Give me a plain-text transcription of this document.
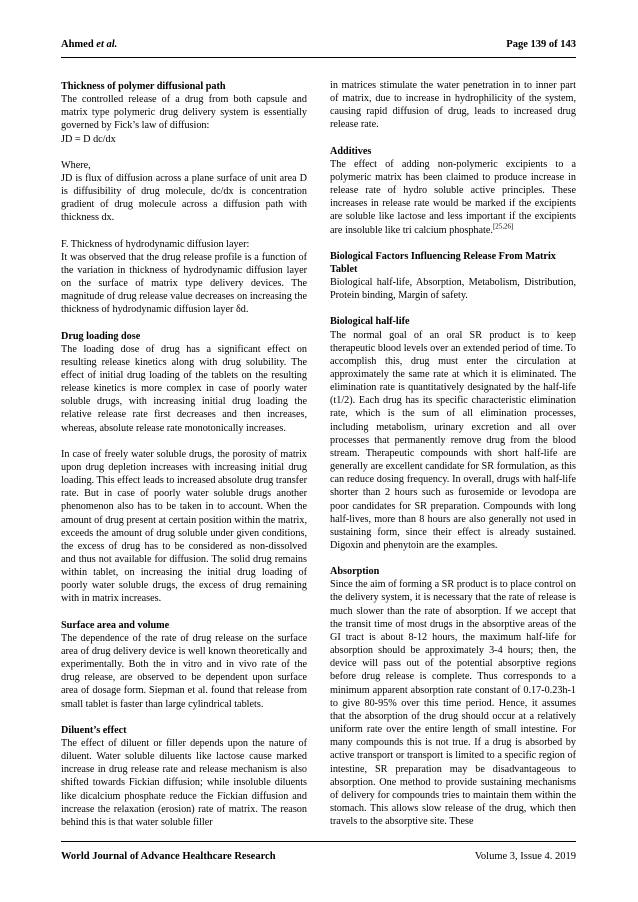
Ahmed et al.	Page 139 of 143
Thickness of polymer diffusional path

The controlled release of a drug from both capsule and matrix type polymeric drug delivery system is essentially governed by Fick’s law of diffusion:

JD = D dc/dx

Where,

JD is flux of diffusion across a plane surface of unit area D is diffusibility of drug molecule, dc/dx is concentration gradient of drug molecule across a diffusion path with thickness dx.

F. Thickness of hydrodynamic diffusion layer:

It was observed that the drug release profile is a function of the variation in thickness of hydrodynamic diffusion layer on the surface of matrix type delivery devices. The magnitude of drug release value decreases on increasing the thickness of hydrodynamic diffusion layer δd.

Drug loading dose

The loading dose of drug has a significant effect on resulting release kinetics along with drug solubility. The effect of initial drug loading of the tablets on the resulting release kinetics is more complex in case of poorly water soluble drugs, with increasing initial drug loading the relative release rate first decreases and then increases, whereas, absolute release rate monotonically increases.

In case of freely water soluble drugs, the porosity of matrix upon drug depletion increases with increasing initial drug loading. This effect leads to increased absolute drug transfer rate. But in case of poorly water soluble drugs another phenomenon also has to be taken in to account. When the amount of drug present at certain position within the matrix, exceeds the amount of drug soluble under given conditions, the excess of drug has to be considered as non-dissolved and thus not available for diffusion. The solid drug remains within tablet, on increasing the initial drug loading of poorly water soluble drugs, the excess of drug remaining with in matrix increases.

Surface area and volume

The dependence of the rate of drug release on the surface area of drug delivery device is well known theoretically and experimentally. Both the in vitro and in vivo rate of the drug release, are observed to be dependent upon surface area of dosage form. Siepman et al. found that release from small tablet is faster than large cylindrical tablets.

Diluent’s effect

The effect of diluent or filler depends upon the nature of diluent. Water soluble diluents like lactose cause marked increase in drug release rate and release mechanism is also shifted towards Fickian diffusion; while insoluble diluents like dicalcium phosphate reduce the Fickian diffusion and increase the relaxation (erosion) rate of matrix. The reason behind this is that water soluble filler

in matrices stimulate the water penetration in to inner part of matrix, due to increase in hydrophilicity of the system, causing rapid diffusion of drug, leads to increased drug release rate.

Additives

The effect of adding non-polymeric excipients to a polymeric matrix has been claimed to produce increase in release rate of hydro soluble active principles. These increases in release rate would be marked if the excipients are soluble like lactose and less important if the excipients are insoluble like tri calcium phosphate.[25,26]

Biological Factors Influencing Release From Matrix Tablet

Biological half-life, Absorption, Metabolism, Distribution, Protein binding, Margin of safety.

Biological half-life

The normal goal of an oral SR product is to keep therapeutic blood levels over an extended period of time. To accomplish this, drug must enter the circulation at approximately the same rate at which it is eliminated. The elimination rate is quantitatively designated by the half-life (t1/2). Each drug has its specific characteristic elimination rate, which is the sum of all elimination processes, including metabolism, urinary excretion and all over processes that permanently remove drug from the blood stream. Therapeutic compounds with short half-life are generally are excellent candidate for SR formulation, as this can reduce dosing frequency. In overall, drugs with half-life shorter than 2 hours such as furosemide or levodopa are poor candidates for SR preparation. Compounds with long half-lives, more than 8 hours are also generally not used in sustaining form, since their effect is already sustained. Digoxin and phenytoin are the examples.

Absorption

Since the aim of forming a SR product is to place control on the delivery system, it is necessary that the rate of release is much slower than the rate of absorption. If we accept that the transit time of most drugs in the absorptive areas of the GI tract is about 8-12 hours, the maximum half-life for absorption should be approximately 3-4 hours; then, the device will pass out of the potential absorptive regions before drug release is complete. Thus corresponds to a minimum apparent absorption rate constant of 0.17-0.23h-1 to give 80-95% over this time period. Hence, it assumes that the absorption of the drug should occur at a relatively uniform rate over the entire length of small intestine. For many compounds this is not true. If a drug is absorbed by active transport or transport is limited to a specific region of intestine, SR preparation may be disadvantageous to absorption. One method to provide sustaining mechanisms of delivery for compounds tries to maintain them within the stomach. This allows slow release of the drug, which then travels to the absorptive site. These

World Journal of Advance Healthcare Research	Volume 3, Issue 4. 2019
